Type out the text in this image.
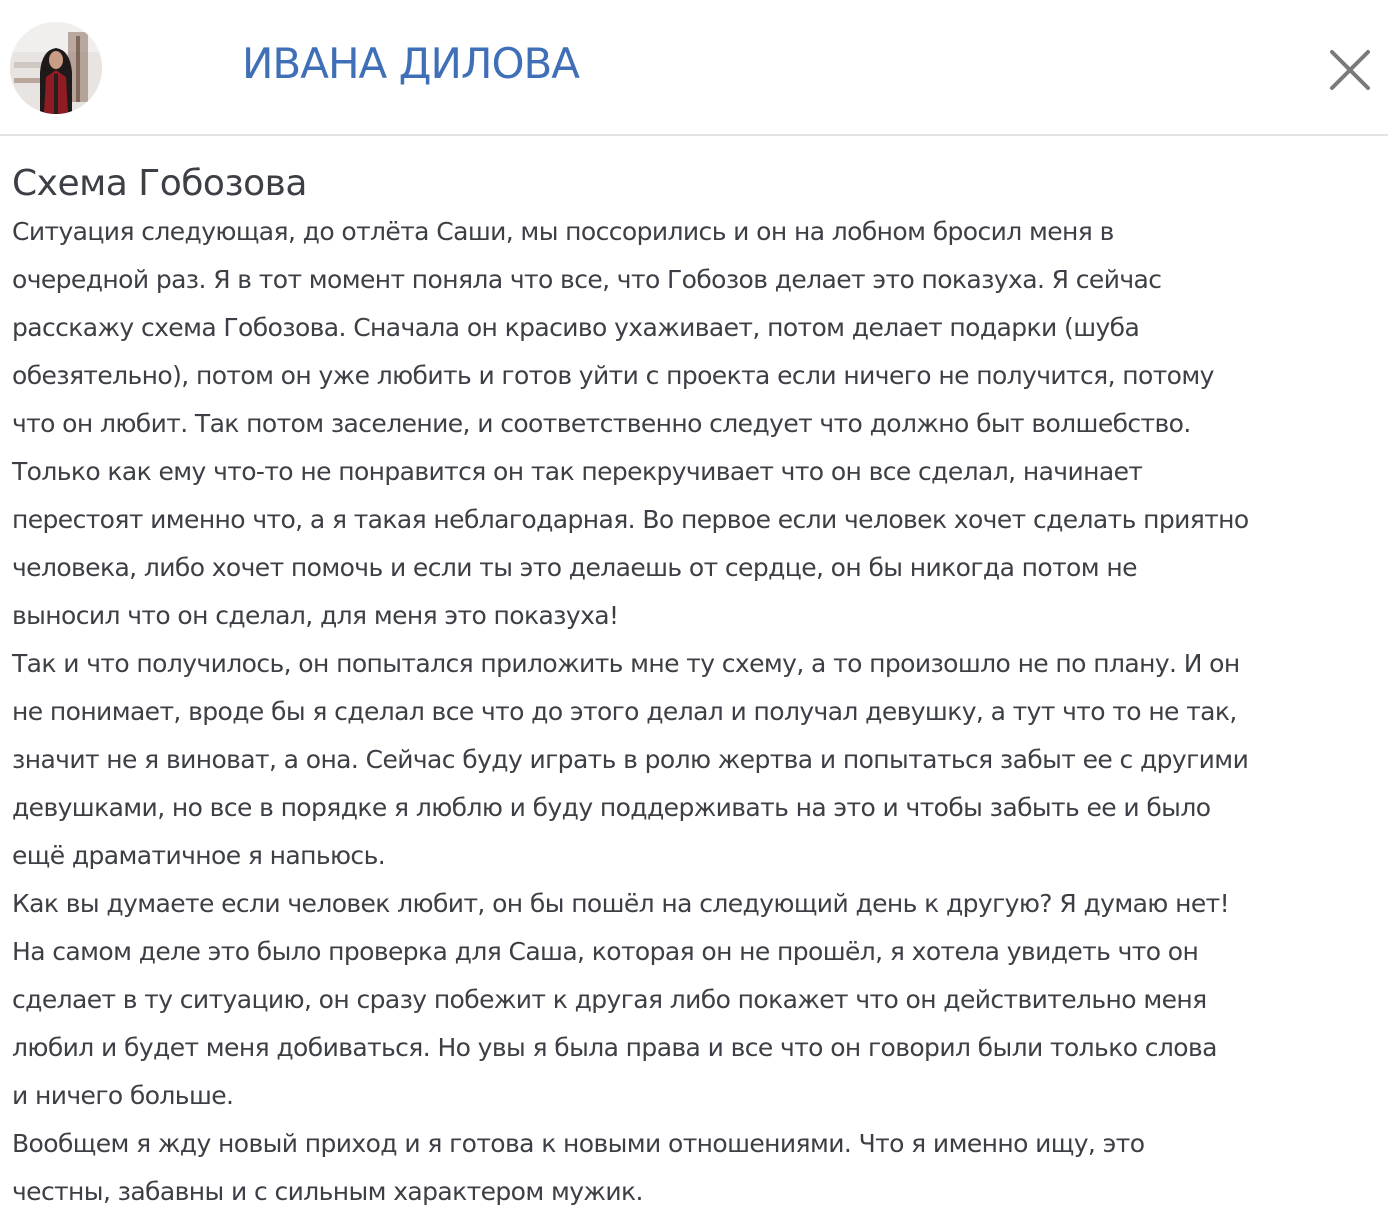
ИВАНА ДИЛОВА
Схема Гобозова
Ситуация следующая, до отлёта Саши, мы поссорились и он на лобном бросил меня в
очередной раз. Я в тот момент поняла что все, что Гобозов делает это показуха. Я сейчас
расскажу схема Гобозова. Сначала он красиво ухаживает, потом делает подарки (шуба
обезятельно), потом он уже любить и готов уйти с проекта если ничего не получится, потому
что он любит. Так потом заселение, и соответственно следует что должно быт волшебство.
Только как ему что-то не понравится он так перекручивает что он все сделал, начинает
перестоят именно что, а я такая неблагодарная. Во первое если человек хочет сделать приятно
человека, либо хочет помочь и если ты это делаешь от сердце, он бы никогда потом не
выносил что он сделал, для меня это показуха!
Так и что получилось, он попытался приложить мне ту схему, а то произошло не по плану. И он
не понимает, вроде бы я сделал все что до этого делал и получал девушку, а тут что то не так,
значит не я виноват, а она. Сейчас буду играть в ролю жертва и попытаться забыт ее с другими
девушками, но все в порядке я люблю и буду поддерживать на это и чтобы забыть ее и было
ещё драматичное я напьюсь.
Как вы думаете если человек любит, он бы пошёл на следующий день к другую? Я думаю нет!
На самом деле это было проверка для Саша, которая он не прошёл, я хотела увидеть что он
сделает в ту ситуацию, он сразу побежит к другая либо покажет что он действительно меня
любил и будет меня добиваться. Но увы я была права и все что он говорил были только слова
и ничего больше.
Вообщем я жду новый приход и я готова к новыми отношениями. Что я именно ищу, это
честны, забавны и с сильным характером мужик.
